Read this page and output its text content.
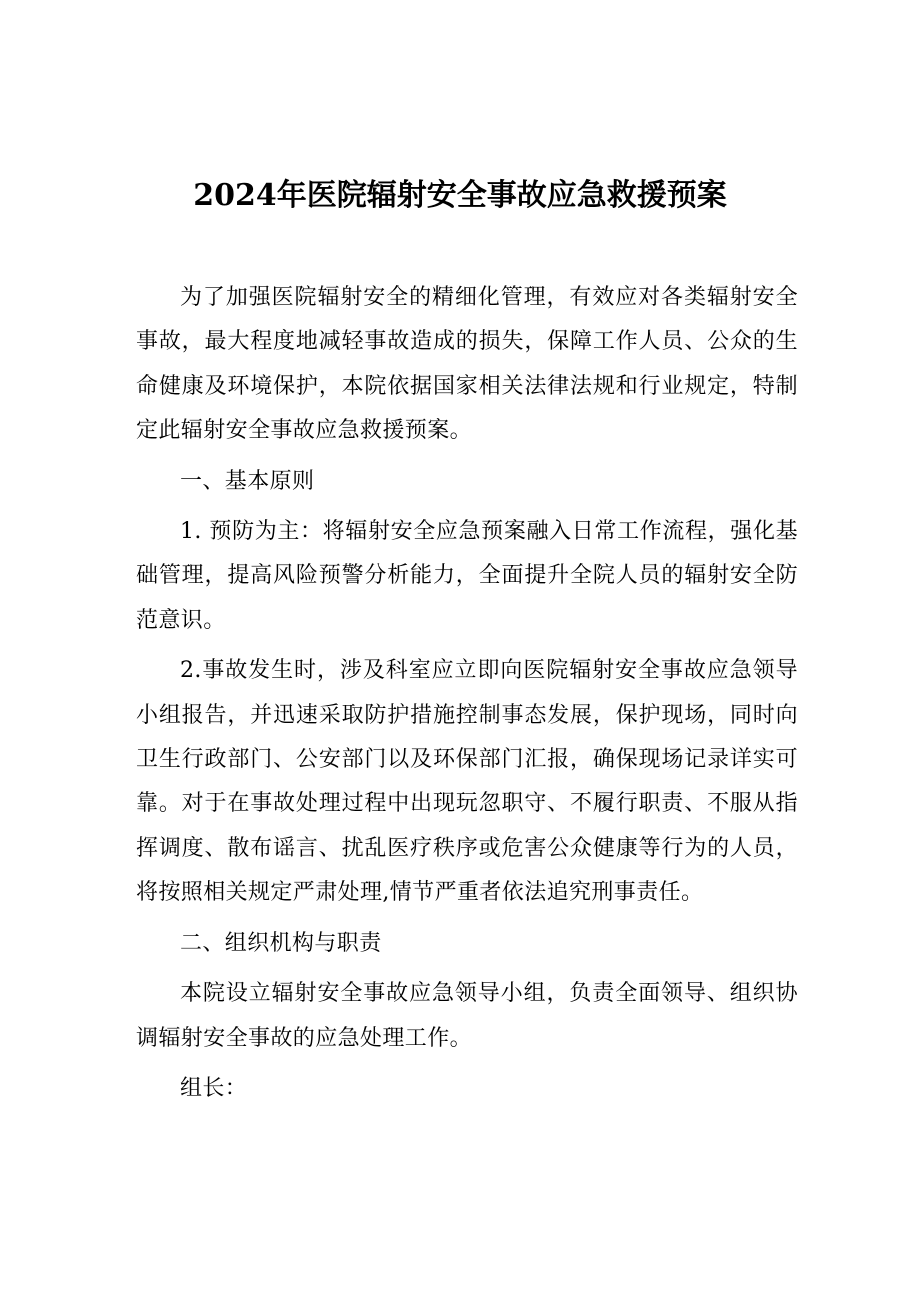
2024年医院辐射安全事故应急救援预案

为了加强医院辐射安全的精细化管理，有效应对各类辐射安全事故，最大程度地减轻事故造成的损失，保障工作人员、公众的生命健康及环境保护，本院依据国家相关法律法规和行业规定，特制定此辐射安全事故应急救援预案。

一、基本原则

1. 预防为主：将辐射安全应急预案融入日常工作流程，强化基础管理，提高风险预警分析能力，全面提升全院人员的辐射安全防范意识。

2.事故发生时，涉及科室应立即向医院辐射安全事故应急领导小组报告，并迅速采取防护措施控制事态发展，保护现场，同时向卫生行政部门、公安部门以及环保部门汇报，确保现场记录详实可靠。对于在事故处理过程中出现玩忽职守、不履行职责、不服从指挥调度、散布谣言、扰乱医疗秩序或危害公众健康等行为的人员，将按照相关规定严肃处理,情节严重者依法追究刑事责任。

二、组织机构与职责

本院设立辐射安全事故应急领导小组，负责全面领导、组织协调辐射安全事故的应急处理工作。

组长：
